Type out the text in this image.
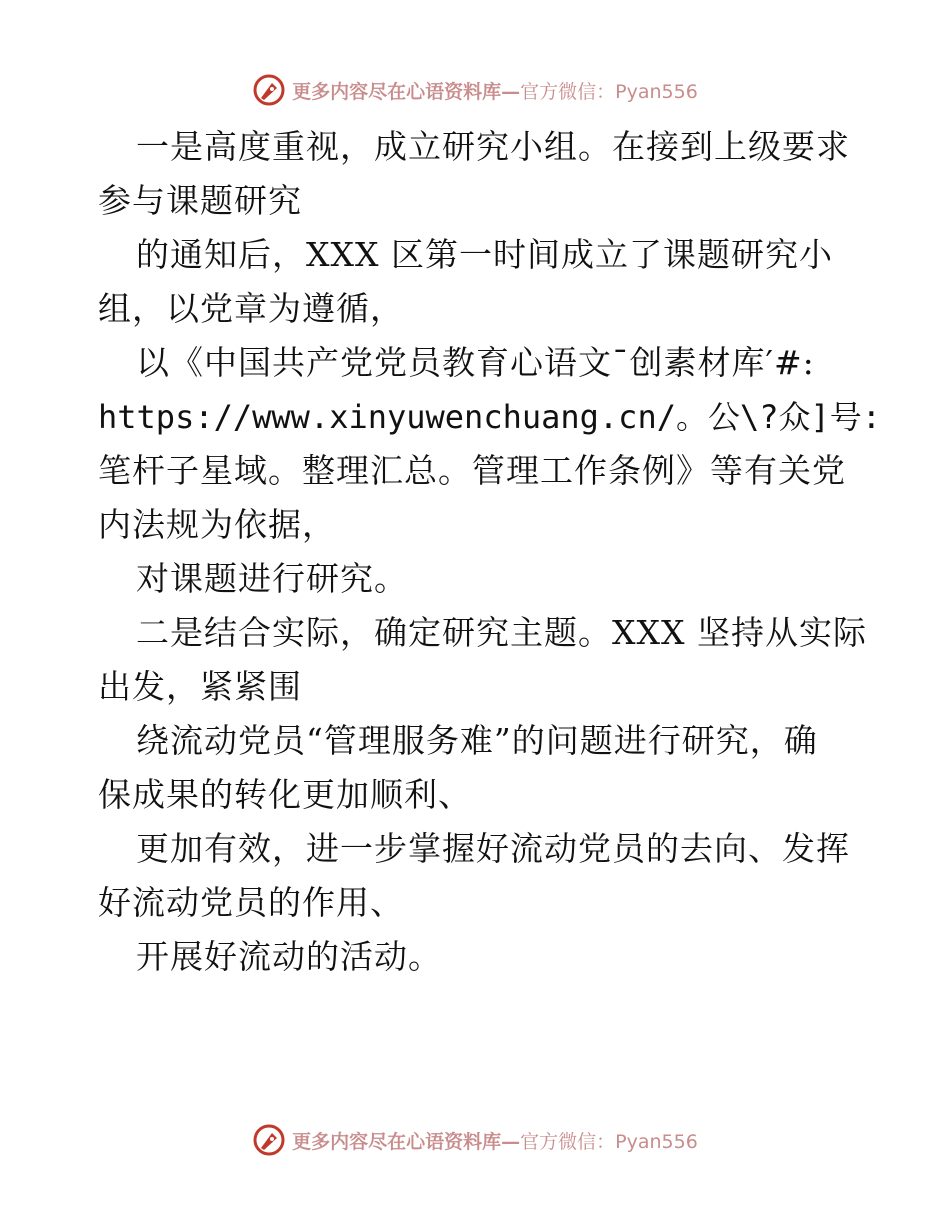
更多内容尽在心语资料库—官方微信：Pyan556
一是高度重视，成立研究小组。在接到上级要求
参与课题研究
的通知后，XXX 区第一时间成立了课题研究小
组，以党章为遵循，
以《中国共产党党员教育心语文¯创素材库′#:
https://www.xinyuwenchuang.cn/。公\?众]号:
笔杆子星域。整理汇总。管理工作条例》等有关党
内法规为依据，
对课题进行研究。
二是结合实际，确定研究主题。XXX 坚持从实际
出发，紧紧围
绕流动党员“管理服务难”的问题进行研究，确
保成果的转化更加顺利、
更加有效，进一步掌握好流动党员的去向、发挥
好流动党员的作用、
开展好流动的活动。
更多内容尽在心语资料库—官方微信：Pyan556
